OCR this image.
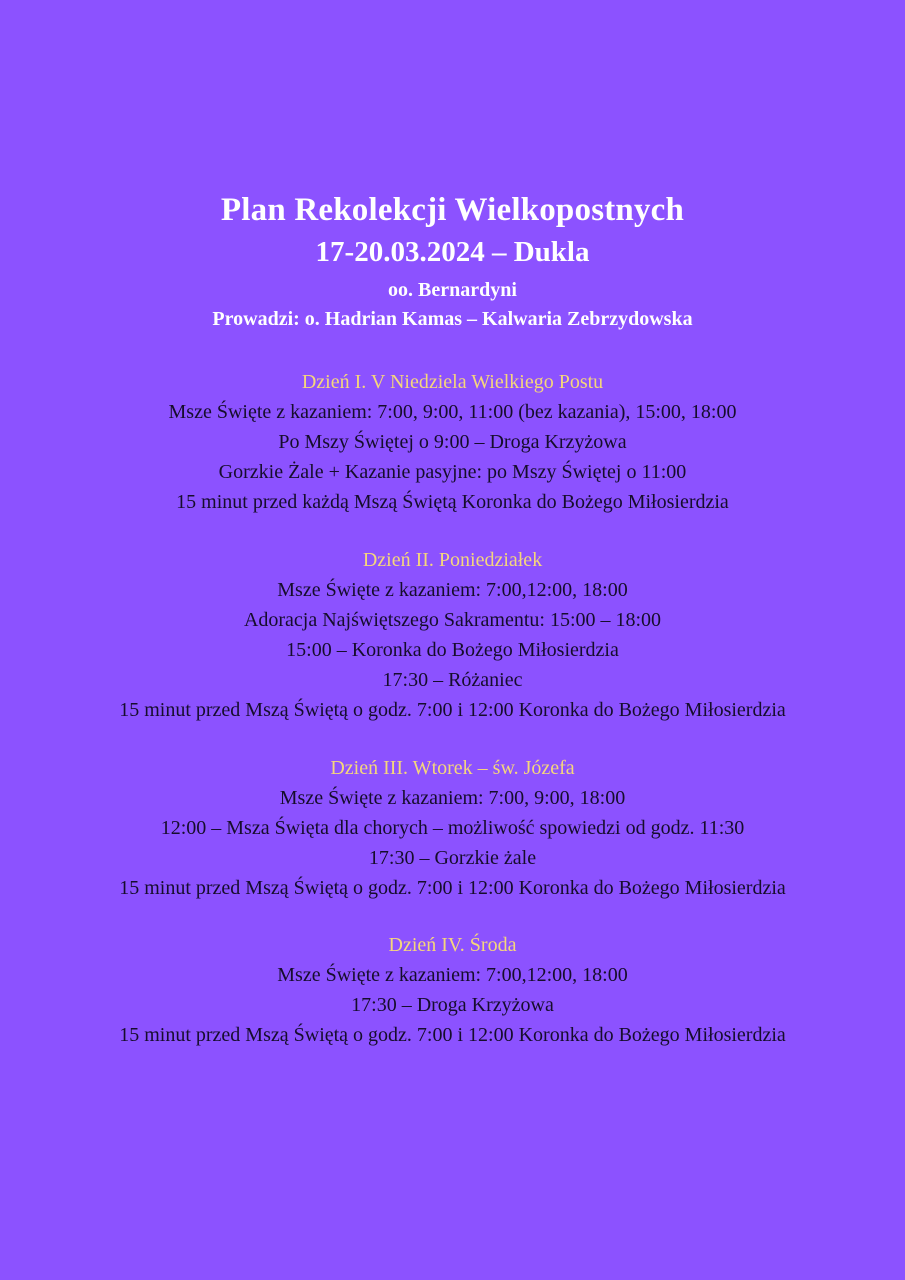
Plan Rekolekcji Wielkopostnych
17-20.03.2024 – Dukla
oo. Bernardyni
Prowadzi: o. Hadrian Kamas – Kalwaria Zebrzydowska
Dzień I. V Niedziela Wielkiego Postu
Msze Święte z kazaniem: 7:00, 9:00, 11:00 (bez kazania), 15:00, 18:00
Po Mszy Świętej o 9:00 – Droga Krzyżowa
Gorzkie Żale + Kazanie pasyjne: po Mszy Świętej o 11:00
15 minut przed każdą Mszą Świętą Koronka do Bożego Miłosierdzia
Dzień II. Poniedziałek
Msze Święte z kazaniem: 7:00,12:00, 18:00
Adoracja Najświętszego Sakramentu: 15:00 – 18:00
15:00 – Koronka do Bożego Miłosierdzia
17:30 – Różaniec
15 minut przed Mszą Świętą o godz. 7:00 i 12:00 Koronka do Bożego Miłosierdzia
Dzień III. Wtorek – św. Józefa
Msze Święte z kazaniem: 7:00, 9:00, 18:00
12:00 – Msza Święta dla chorych – możliwość spowiedzi od godz. 11:30
17:30 – Gorzkie żale
15 minut przed Mszą Świętą o godz. 7:00 i 12:00 Koronka do Bożego Miłosierdzia
Dzień IV. Środa
Msze Święte z kazaniem: 7:00,12:00, 18:00
17:30 – Droga Krzyżowa
15 minut przed Mszą Świętą o godz. 7:00 i 12:00 Koronka do Bożego Miłosierdzia
